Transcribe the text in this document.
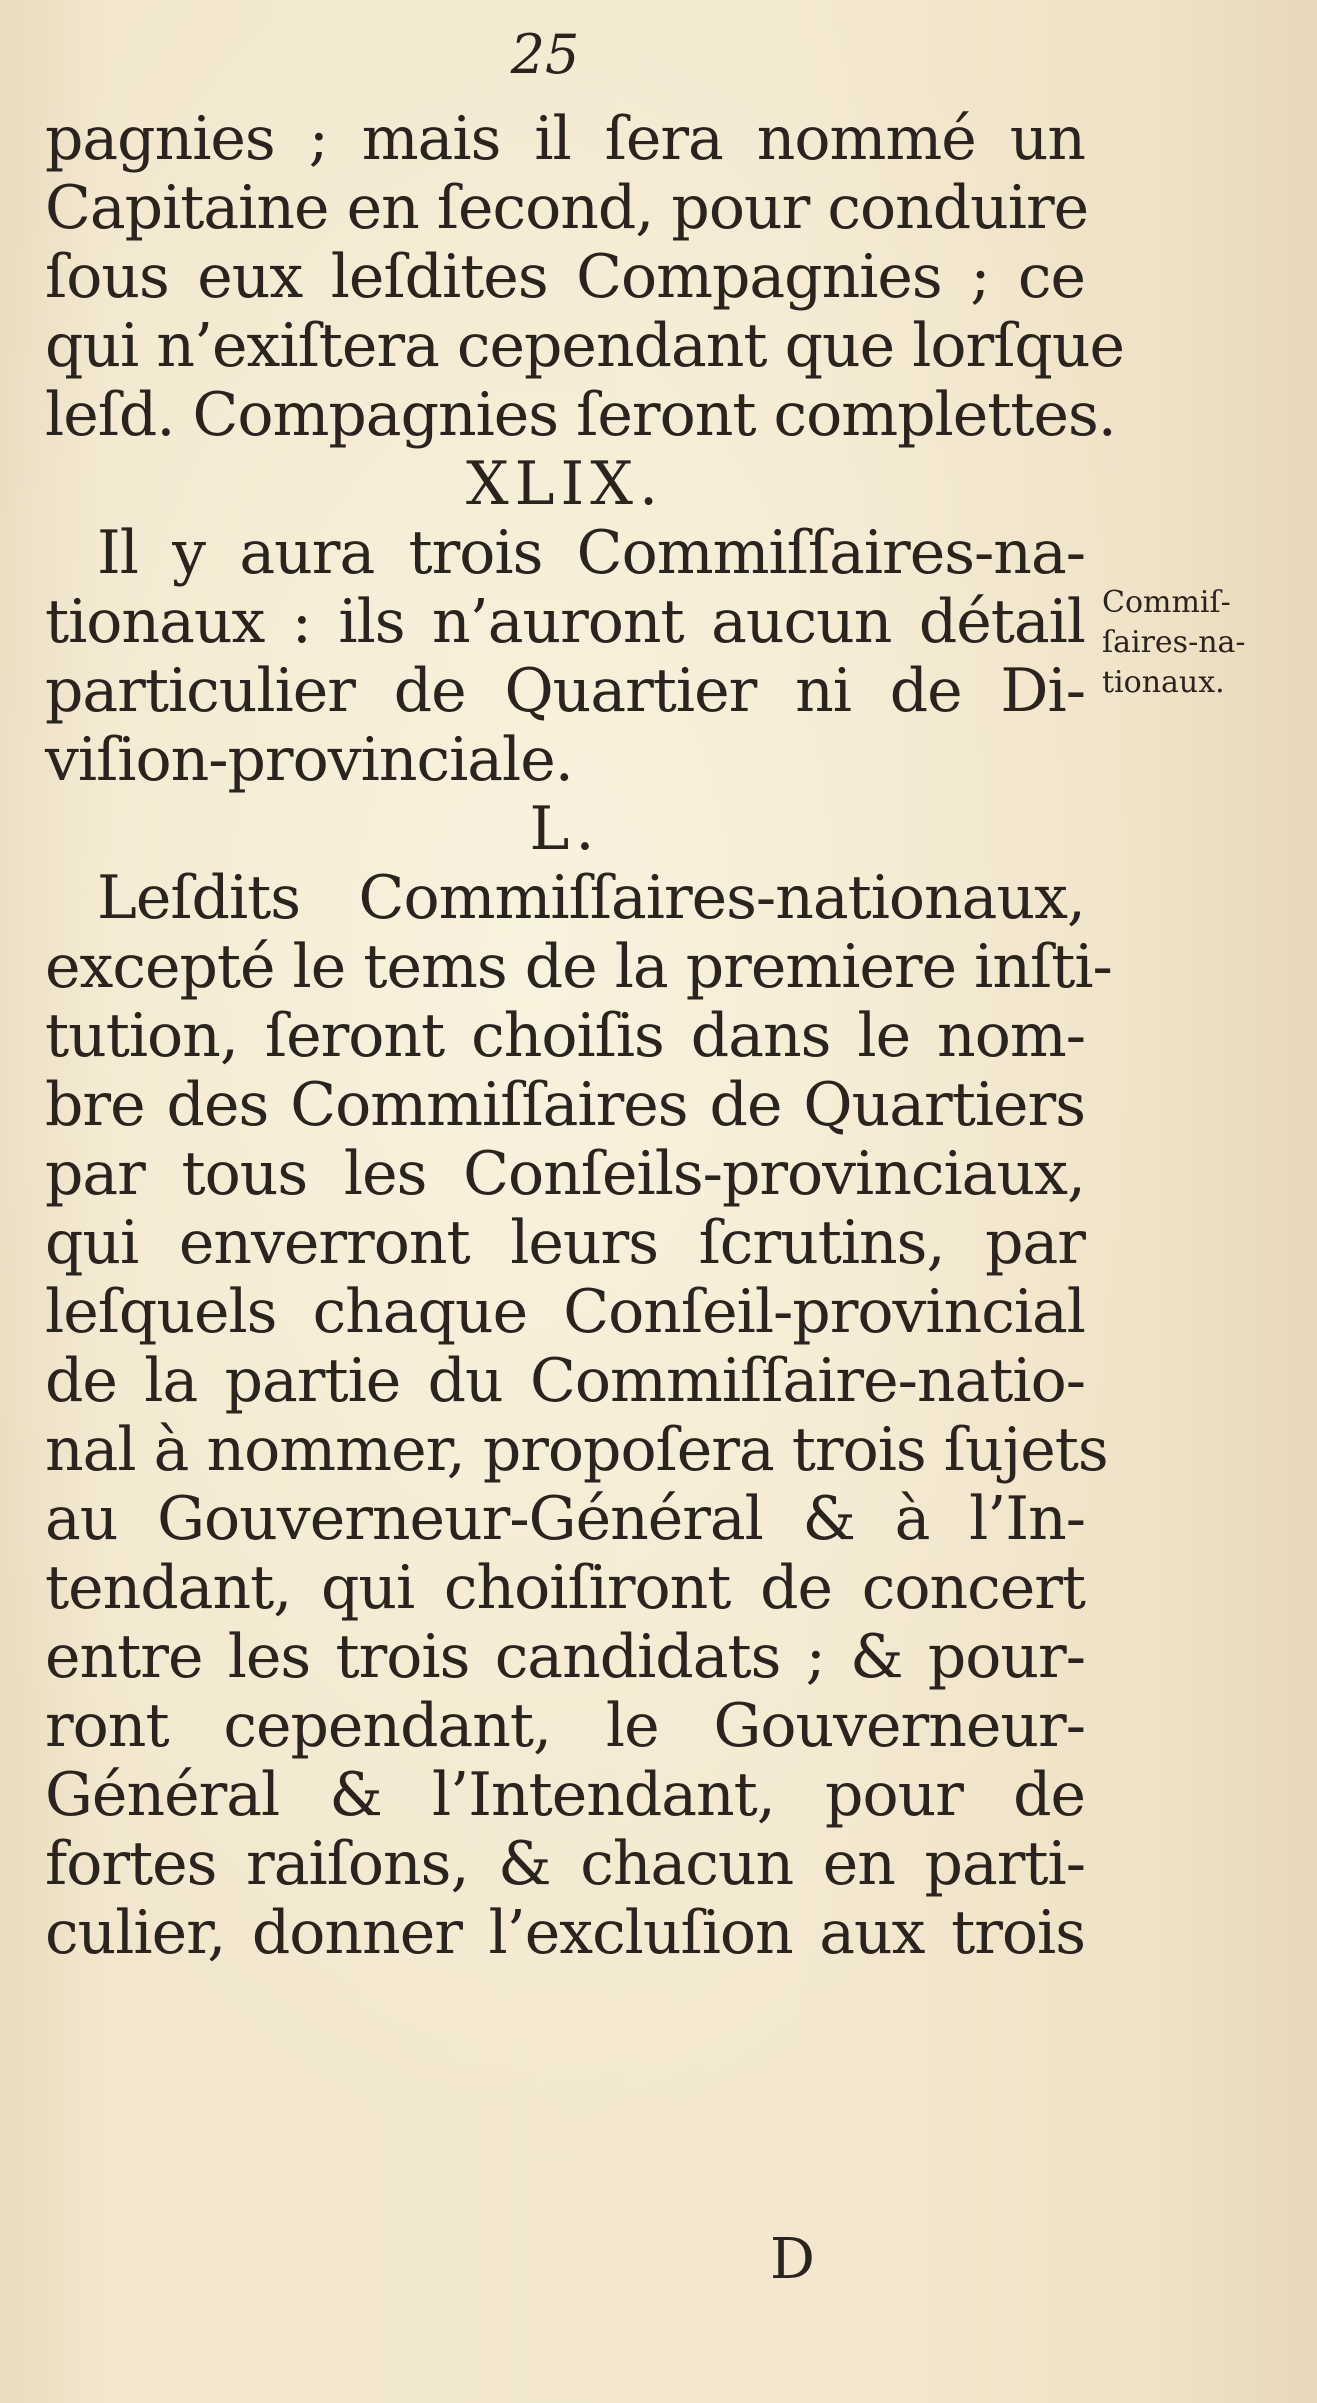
25
pagnies ; mais il ſera nommé un
Capitaine en ſecond, pour conduire
ſous eux leſdites Compagnies ; ce
qui n’exiſtera cependant que lorſque
leſd. Compagnies ſeront complettes.
XLIX.
Il y aura trois Commiſſaires-na-
tionaux : ils n’auront aucun détail
particulier de Quartier ni de Di-
viſion-provinciale.
L.
Leſdits Commiſſaires-nationaux,
excepté le tems de la premiere inſti-
tution, ſeront choiſis dans le nom-
bre des Commiſſaires de Quartiers
par tous les Conſeils-provinciaux,
qui enverront leurs ſcrutins, par
leſquels chaque Conſeil-provincial
de la partie du Commiſſaire-natio-
nal à nommer, propoſera trois ſujets
au Gouverneur-Général & à l’In-
tendant, qui choiſiront de concert
entre les trois candidats ; & pour-
ront cependant, le Gouverneur-
Général & l’Intendant, pour de
fortes raiſons, & chacun en parti-
culier, donner l’excluſion aux trois
Commiſ-
ſaires-na-
tionaux.
D
